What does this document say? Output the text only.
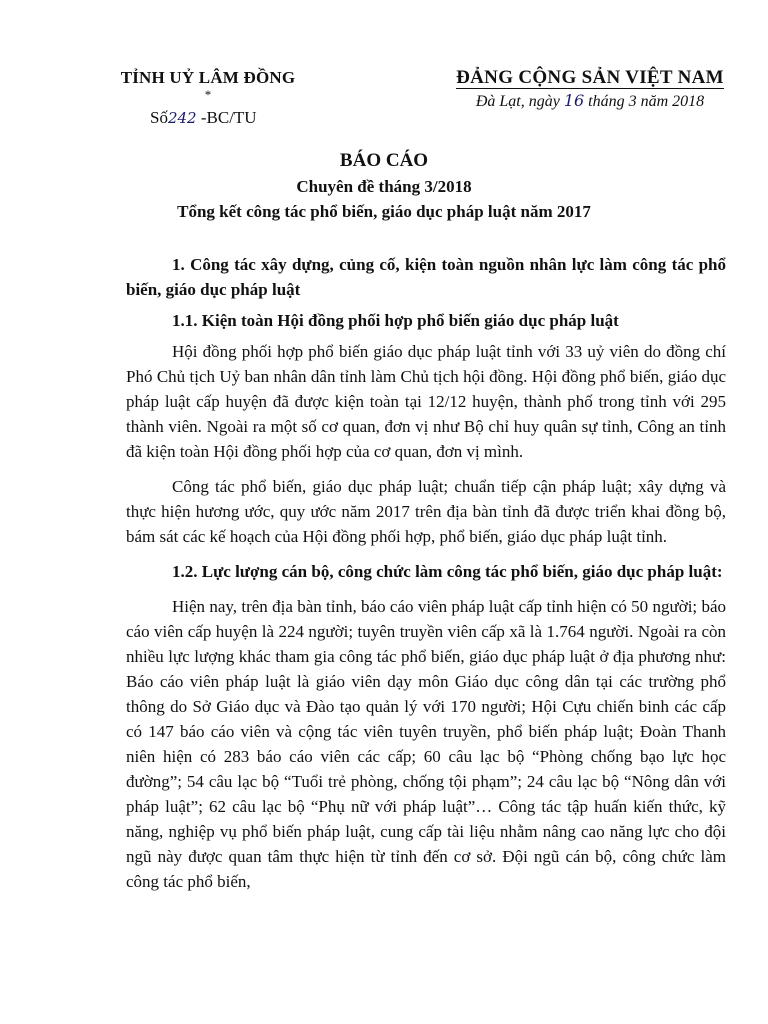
TỈNH UỶ LÂM ĐỒNG
*
Số242 -BC/TU
ĐẢNG CỘNG SẢN VIỆT NAM
Đà Lạt, ngày 16 tháng 3 năm 2018
BÁO CÁO
Chuyên đề tháng 3/2018
Tổng kết công tác phổ biến, giáo dục pháp luật năm 2017

1. Công tác xây dựng, củng cố, kiện toàn nguồn nhân lực làm công tác phổ biến, giáo dục pháp luật

1.1. Kiện toàn Hội đồng phối hợp phổ biến giáo dục pháp luật

Hội đồng phối hợp phổ biến giáo dục pháp luật tỉnh với 33 uỷ viên do đồng chí Phó Chủ tịch Uỷ ban nhân dân tỉnh làm Chủ tịch hội đồng. Hội đồng phổ biến, giáo dục pháp luật cấp huyện đã được kiện toàn tại 12/12 huyện, thành phố trong tỉnh với 295 thành viên. Ngoài ra một số cơ quan, đơn vị như Bộ chỉ huy quân sự tỉnh, Công an tỉnh đã kiện toàn Hội đồng phối hợp của cơ quan, đơn vị mình.

Công tác phổ biến, giáo dục pháp luật; chuẩn tiếp cận pháp luật; xây dựng và thực hiện hương ước, quy ước năm 2017 trên địa bàn tỉnh đã được triển khai đồng bộ, bám sát các kế hoạch của Hội đồng phối hợp, phổ biến, giáo dục pháp luật tỉnh.

1.2. Lực lượng cán bộ, công chức làm công tác phổ biến, giáo dục pháp luật:

Hiện nay, trên địa bàn tỉnh, báo cáo viên pháp luật cấp tỉnh hiện có 50 người; báo cáo viên cấp huyện là 224 người; tuyên truyền viên cấp xã là 1.764 người. Ngoài ra còn nhiều lực lượng khác tham gia công tác phổ biến, giáo dục pháp luật ở địa phương như: Báo cáo viên pháp luật là giáo viên dạy môn Giáo dục công dân tại các trường phổ thông do Sở Giáo dục và Đào tạo quản lý với 170 người; Hội Cựu chiến binh các cấp có 147 báo cáo viên và cộng tác viên tuyên truyền, phổ biến pháp luật; Đoàn Thanh niên hiện có 283 báo cáo viên các cấp; 60 câu lạc bộ “Phòng chống bạo lực học đường”; 54 câu lạc bộ “Tuổi trẻ phòng, chống tội phạm”; 24 câu lạc bộ “Nông dân với pháp luật”; 62 câu lạc bộ “Phụ nữ với pháp luật”… Công tác tập huấn kiến thức, kỹ năng, nghiệp vụ phổ biến pháp luật, cung cấp tài liệu nhằm nâng cao năng lực cho đội ngũ này được quan tâm thực hiện từ tỉnh đến cơ sở. Đội ngũ cán bộ, công chức làm công tác phổ biến,
